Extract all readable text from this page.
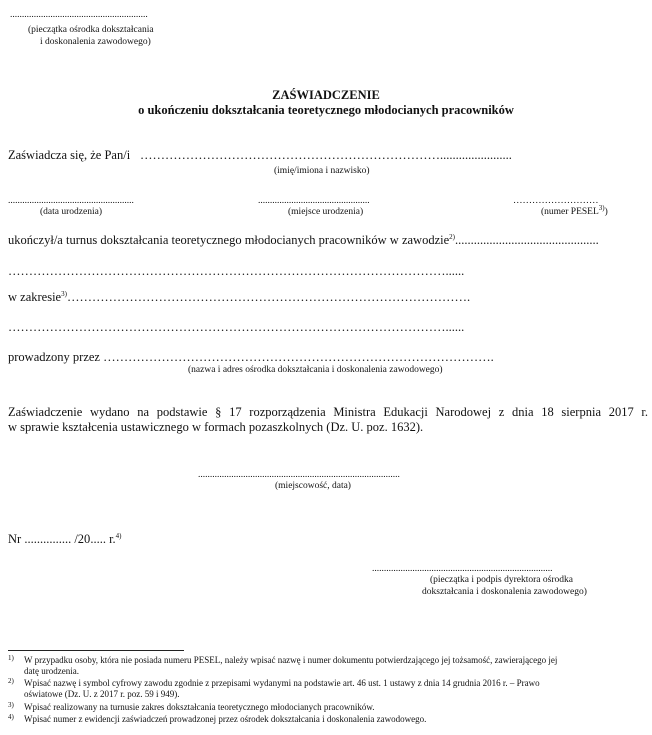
..........................................................
(pieczątka ośrodka dokształcania
i doskonalenia zawodowego)
ZAŚWIADCZENIE
o ukończeniu dokształcania teoretycznego młodocianych pracowników
Zaświadcza się, że Pan/i ……………………………………………………………….......................
(imię/imiona i nazwisko)
.....................................................
(data urodzenia)
...............................................
(miejsce urodzenia)
………………………
(numer PESEL$^{3)}$)
ukończył/a turnus dokształcania teoretycznego młodocianych pracowników w zawodzie$^{2)}$..............................................
……………………………………………………………………………………………......
w zakresie$^{3)}$…………………………………………………………………………………….
……………………………………………………………………………………………......
prowadzony przez ………………………………………………………………………………….
(nazwa i adres ośrodka dokształcania i doskonalenia zawodowego)
Zaświadczenie wydano na podstawie § 17 rozporządzenia Ministra Edukacji Narodowej z dnia 18 sierpnia 2017 r.
w sprawie kształcenia ustawicznego w formach pozaszkolnych (Dz. U. poz. 1632).
.....................................................................................
(miejscowość, data)
Nr ............... /20..... r.$^{4)}$
............................................................................
(pieczątka i podpis dyrektora ośrodka
dokształcania i doskonalenia zawodowego)
1) W przypadku osoby, która nie posiada numeru PESEL, należy wpisać nazwę i numer dokumentu potwierdzającego jej tożsamość, zawierającego jej
datę urodzenia.
2) Wpisać nazwę i symbol cyfrowy zawodu zgodnie z przepisami wydanymi na podstawie art. 46 ust. 1 ustawy z dnia 14 grudnia 2016 r. – Prawo
oświatowe (Dz. U. z 2017 r. poz. 59 i 949).
3) Wpisać realizowany na turnusie zakres dokształcania teoretycznego młodocianych pracowników.
4) Wpisać numer z ewidencji zaświadczeń prowadzonej przez ośrodek dokształcania i doskonalenia zawodowego.
